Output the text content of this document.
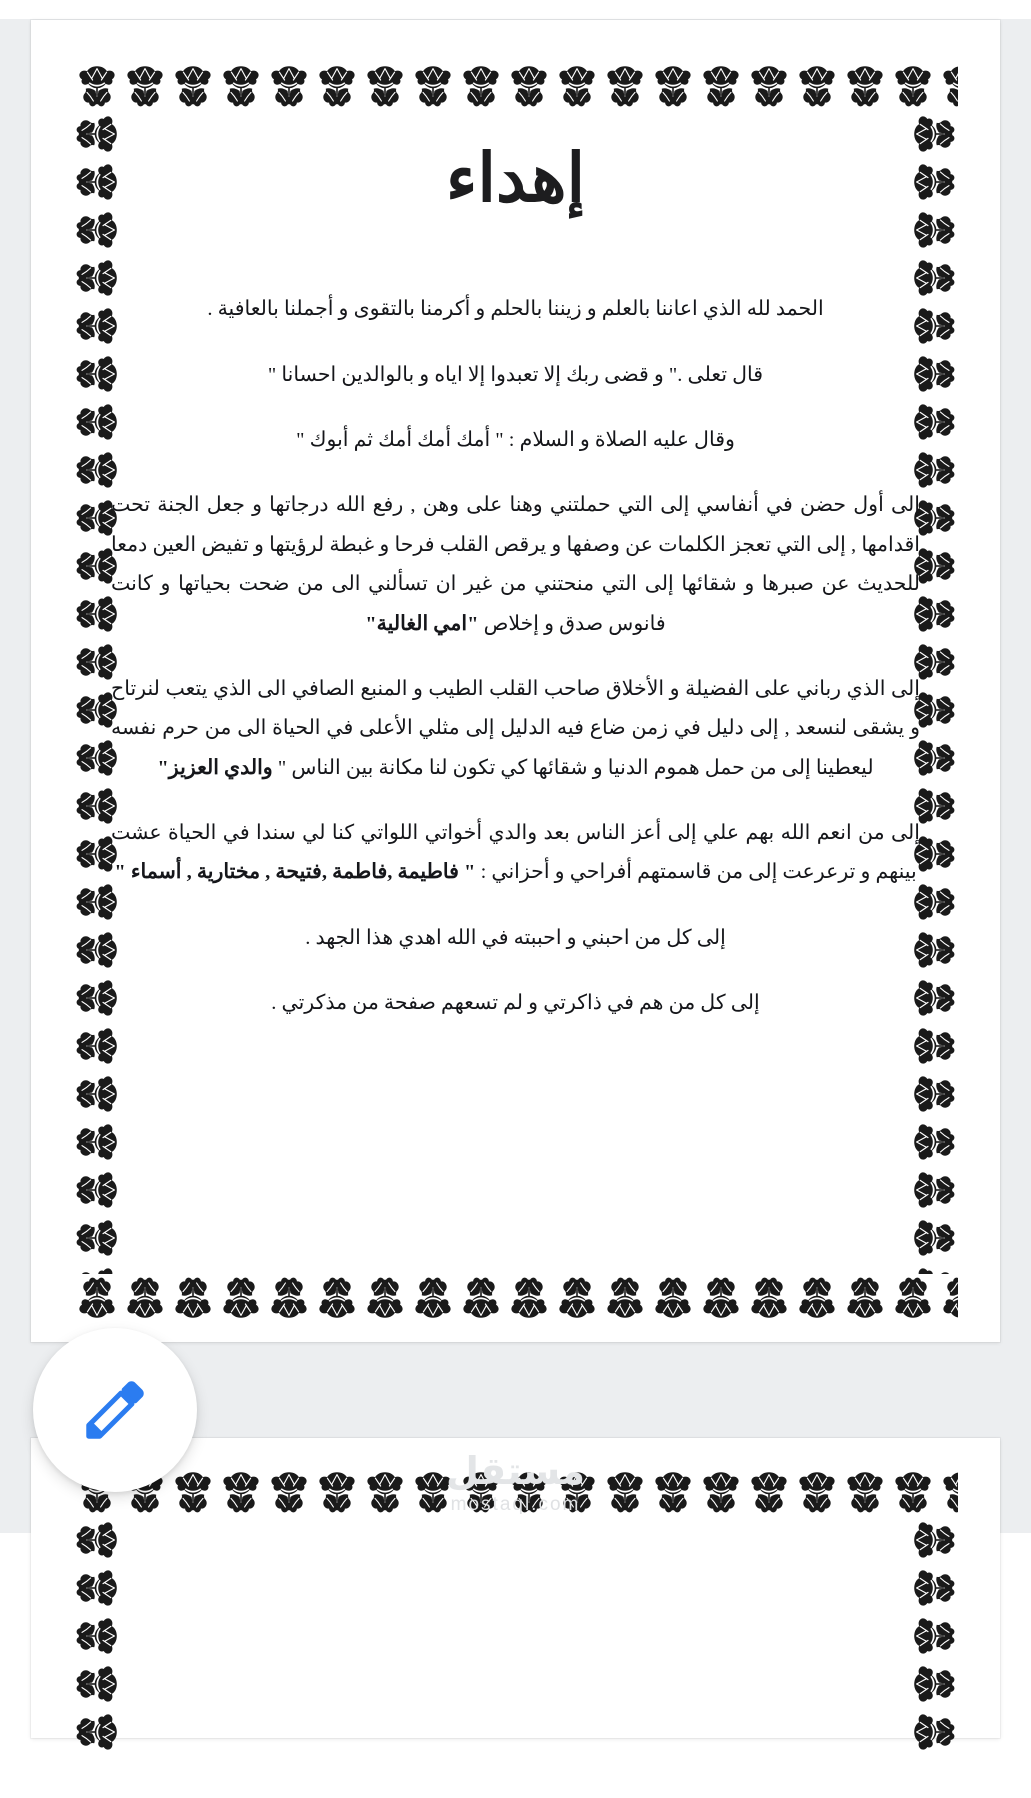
إهداء

الحمد لله الذي اعاننا بالعلم و زيننا بالحلم و أكرمنا بالتقوى و أجملنا بالعافية .

قال تعلى ." و قضى ربك إلا تعبدوا إلا اياه و بالوالدين احسانا "

وقال عليه الصلاة و السلام : " أمك أمك أمك ثم أبوك "

إلى أول حضن في أنفاسي إلى التي حملتني وهنا على وهن , رفع الله درجاتها و جعل الجنة تحت اقدامها , إلى التي تعجز الكلمات عن وصفها و يرقص القلب فرحا و غبطة لرؤيتها و تفيض العين دمعا للحديث عن صبرها و شقائها إلى التي منحتني من غير ان تسألني الى من ضحت بحياتها و كانت فانوس صدق و إخلاص "امي الغالية"

إلى الذي رباني على الفضيلة و الأخلاق صاحب القلب الطيب و المنبع الصافي الى الذي يتعب لنرتاح و يشقى لنسعد , إلى دليل في زمن ضاع فيه الدليل إلى مثلي الأعلى في الحياة الى من حرم نفسه ليعطينا إلى من حمل هموم الدنيا و شقائها كي تكون لنا مكانة بين الناس " والدي العزيز"

إلى من انعم الله بهم علي إلى أعز الناس بعد والدي أخواتي اللواتي كنا لي سندا في الحياة عشت بينهم و ترعرعت إلى من قاسمتهم أفراحي و أحزاني : " فاطيمة ,فاطمة ,فتيحة , مختارية , أسماء "

إلى كل من احبني و احببته في الله اهدي هذا الجهد .

إلى كل من هم في ذاكرتي و لم تسعهم صفحة من مذكرتي .

مستقل
mostaql.com
